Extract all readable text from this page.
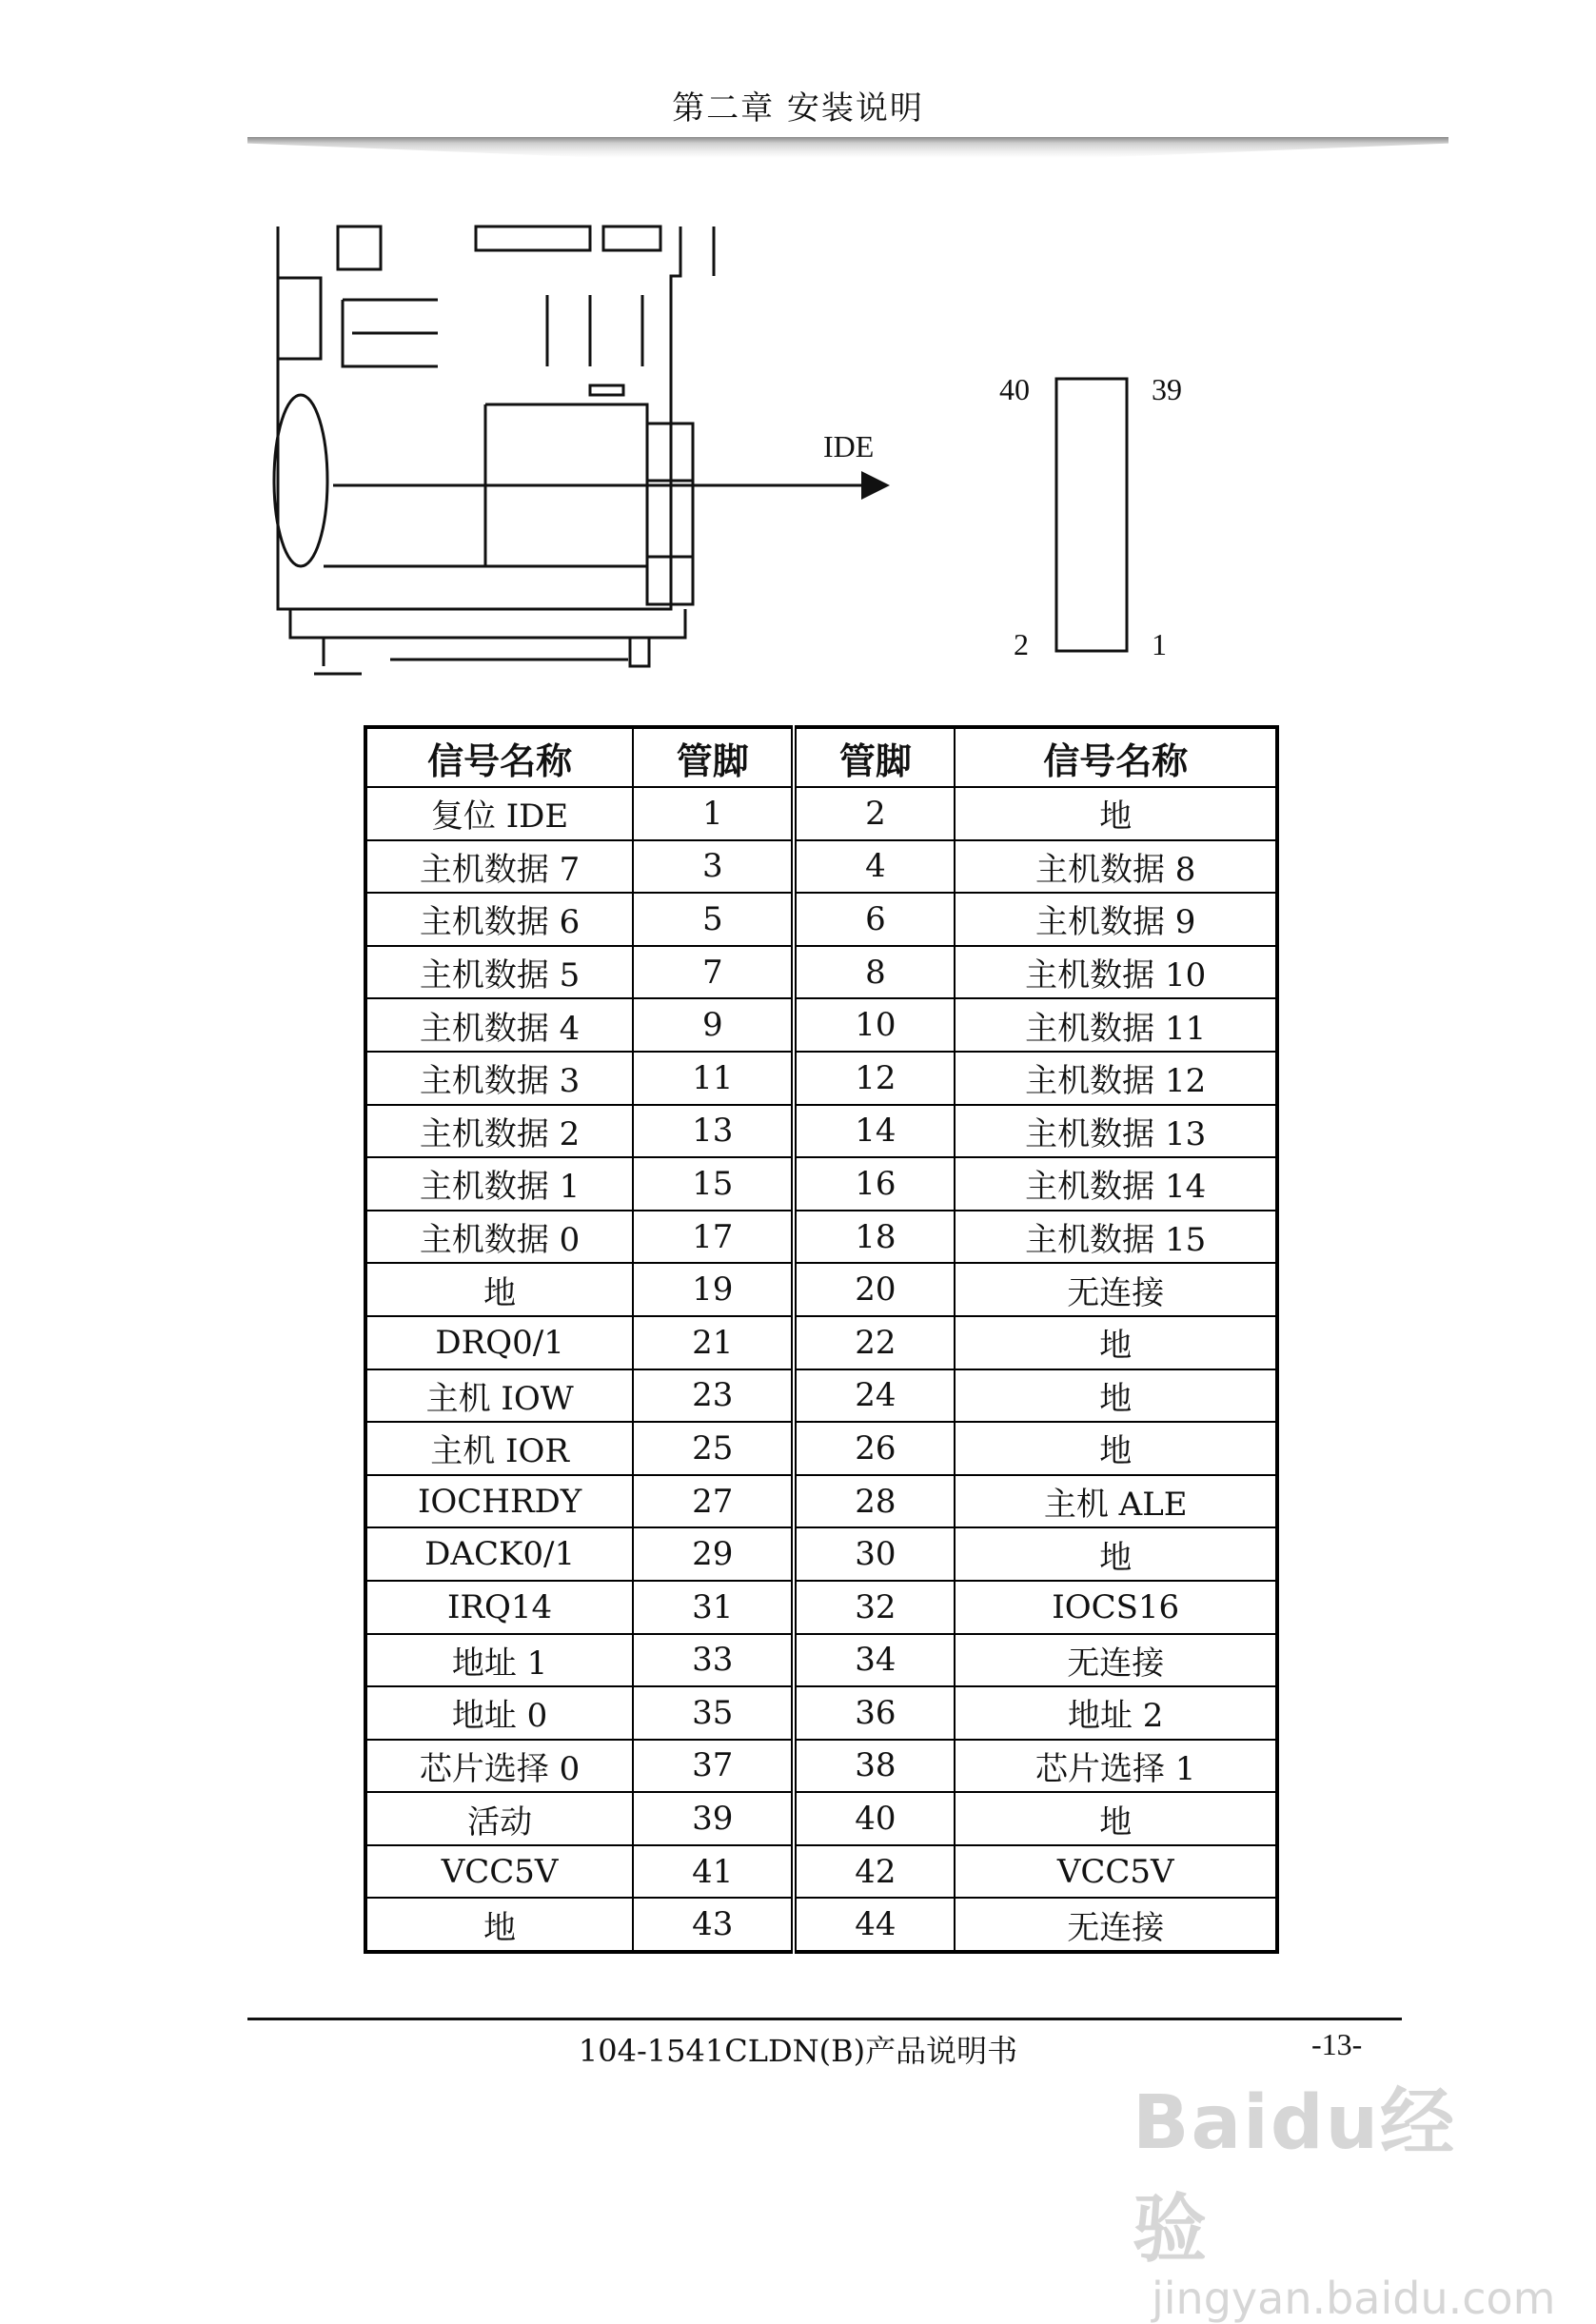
第二章 安装说明
IDE
40	39
2	1
信号名称	管脚	管脚	信号名称
复位 IDE	1	2	地
主机数据 7	3	4	主机数据 8
主机数据 6	5	6	主机数据 9
主机数据 5	7	8	主机数据 10
主机数据 4	9	10	主机数据 11
主机数据 3	11	12	主机数据 12
主机数据 2	13	14	主机数据 13
主机数据 1	15	16	主机数据 14
主机数据 0	17	18	主机数据 15
地	19	20	无连接
DRQ0/1	21	22	地
主机 IOW	23	24	地
主机 IOR	25	26	地
IOCHRDY	27	28	主机 ALE
DACK0/1	29	30	地
IRQ14	31	32	IOCS16
地址 1	33	34	无连接
地址 0	35	36	地址 2
芯片选择 0	37	38	芯片选择 1
活动	39	40	地
VCC5V	41	42	VCC5V
地	43	44	无连接
104-1541CLDN(B)产品说明书	-13-
Baidu经验
jingyan.baidu.com
